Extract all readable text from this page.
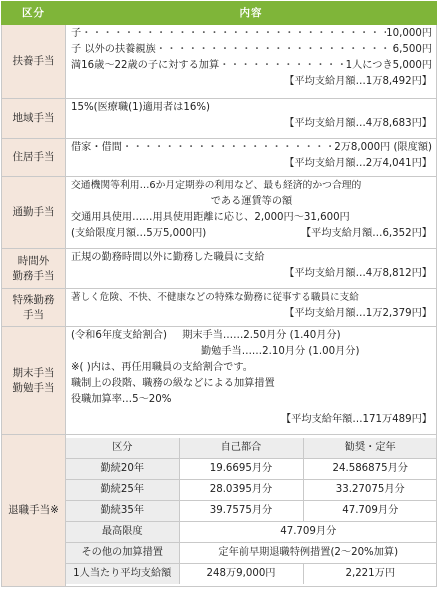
区分	内容
扶養手当	
子 ・・・・・・・・・・・・・・・・・・・・・・・・・・・・・・・・・・・・・・・・・・・・・・・・・・	10,000円
子 以外の扶養親族 ・・・・・・・・・・・・・・・・・・・・・・・・・・・・・・・・・・・・・・・・・・・・・・・・・・	6,500円
満16歳～22歳の子に対する加算 ・・・・・・・・・・・・・・・・・・・・・・・・・・・・・・・・・・・・・・・・・・・・・・・・・・	1人につき5,000円
【平均支給月額…1万8,492円】

地域手当	
15%(医療職(1)適用者は16%)
【平均支給月額…4万8,683円】

住居手当	
借家・借間 ・・・・・・・・・・・・・・・・・・・・・・・・・・・・・・・・・・・・・・・・・・・・・・・・・・	2万8,000円 (限度額)
【平均支給月額…2万4,041円】

通勤手当	
交通機関等利用…6か月定期券の利用など、最も経済的かつ合理的
である運賃等の額
交通用具使用……用具使用距離に応じ、2,000円～31,600円
(支給限度月額…5万5,000円)	【平均支給月額…6,352円】

時間外
勤務手当

正規の勤務時間以外に勤務した職員に支給
【平均支給月額…4万8,812円】

特殊勤務
手当

著しく危険、不快、不健康などの特殊な勤務に従事する職員に支給
【平均支給月額…1万2,379円】

期末手当
勤勉手当

(令和6年度支給割合) 期末手当……2.50月分 (1.40月分)
勤勉手当……2.10月分 (1.00月分)
※( )内は、再任用職員の支給割合です。
職制上の段階、職務の級などによる加算措置
役職加算率…5～20%
【平均支給年額…171万489円】

退職手当※	
区分	自己都合	勧奨・定年
勤続20年	19.6695月分	24.586875月分
勤続25年	28.0395月分	33.27075月分
勤続35年	39.7575月分	47.709月分
最高限度	47.709月分
その他の加算措置	定年前早期退職特例措置(2～20%加算)
1人当たり平均支給額	248万9,000円	2,221万円
